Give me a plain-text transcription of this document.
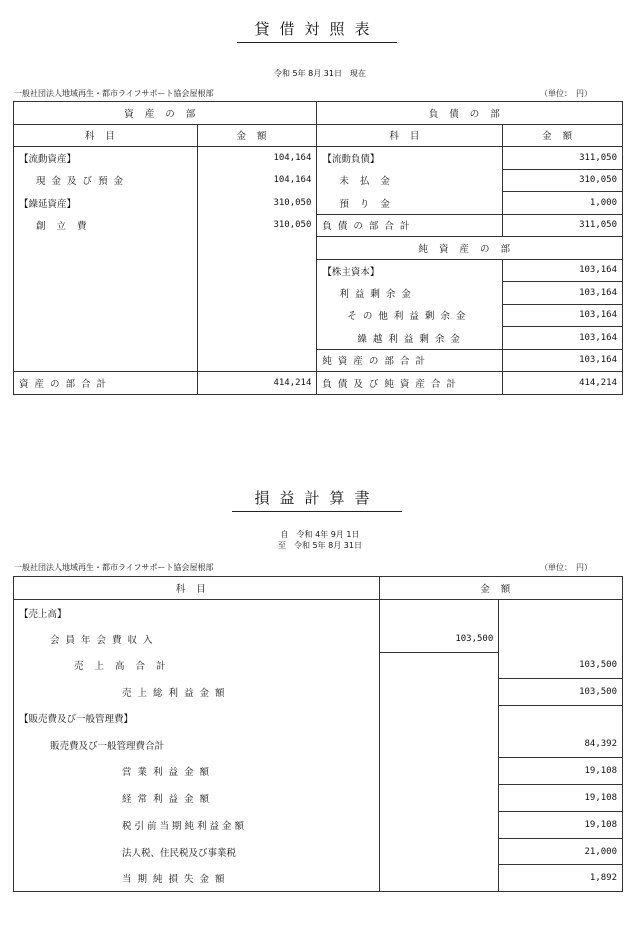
貸借対照表
令和 5年 8月 31日　現在
一般社団法人地域再生・都市ライフサポート協会屋根部	（単位：　円）
資産の部		負債の部	
科目	金額	科目	金額
【流動資産】	104,164	【流動負債】	311,050
現金及び預金	104,164	未払金	310,050
【繰延資産】	310,050	預り金	1,000
創立費	310,050	負債の部合計	311,050
		純資産の部	
		【株主資本】	103,164
		利益剰余金	103,164
		その他利益剰余金	103,164
		繰越利益剰余金	103,164
		純資産の部合計	103,164
資産の部合計	414,214	負債及び純資産合計	414,214
損益計算書
自　令和 4年 9月 1日
至　令和 5年 8月 31日
一般社団法人地域再生・都市ライフサポート協会屋根部	（単位：　円）
科目	金額	
【売上高】		
会員年会費収入	103,500	
売上高合計		103,500
売上総利益金額		103,500
【販売費及び一般管理費】		
販売費及び一般管理費合計		84,392
営業利益金額		19,108
経常利益金額		19,108
税引前当期純利益金額		19,108
法人税、住民税及び事業税		21,000
当期純損失金額		1,892
